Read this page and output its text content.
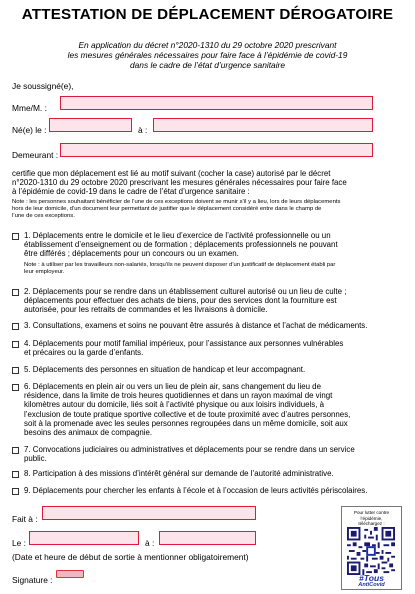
ATTESTATION DE DÉPLACEMENT DÉROGATOIRE
En application du décret n°2020-1310 du 29 octobre 2020 prescrivant
les mesures générales nécessaires pour faire face à l’épidémie de covid-19
dans le cadre de l’état d’urgence sanitaire
Je soussigné(e),
Mme/M. :
Né(e) le :	à :
Demeurant :
certifie que mon déplacement est lié au motif suivant (cocher la case) autorisé par le décret
n°2020-1310 du 29 octobre 2020 prescrivant les mesures générales nécessaires pour faire face
à l’épidémie de covid-19 dans le cadre de l’état d’urgence sanitaire :
Note : les personnes souhaitant bénéficier de l’une de ces exceptions doivent se munir s’il y a lieu, lors de leurs déplacements
hors de leur domicile, d’un document leur permettant de justifier que le déplacement considéré entre dans le champ de
l’une de ces exceptions.
1. Déplacements entre le domicile et le lieu d’exercice de l’activité professionnelle ou un
établissement d’enseignement ou de formation ; déplacements professionnels ne pouvant
être différés ; déplacements pour un concours ou un examen.
Note : à utiliser par les travailleurs non-salariés, lorsqu’ils ne peuvent disposer d’un justificatif de déplacement établi par
leur employeur.
2. Déplacements pour se rendre dans un établissement culturel autorisé ou un lieu de culte ;
déplacements pour effectuer des achats de biens, pour des services dont la fourniture est
autorisée, pour les retraits de commandes et les livraisons à domicile.
3. Consultations, examens et soins ne pouvant être assurés à distance et l’achat de médicaments.
4. Déplacements pour motif familial impérieux, pour l’assistance aux personnes vulnérables
et précaires ou la garde d’enfants.
5. Déplacements des personnes en situation de handicap et leur accompagnant.
6. Déplacements en plein air ou vers un lieu de plein air, sans changement du lieu de
résidence, dans la limite de trois heures quotidiennes et dans un rayon maximal de vingt
kilomètres autour du domicile, liés soit à l’activité physique ou aux loisirs individuels, à
l’exclusion de toute pratique sportive collective et de toute proximité avec d’autres personnes,
soit à la promenade avec les seules personnes regroupées dans un même domicile, soit aux
besoins des animaux de compagnie.
7. Convocations judiciaires ou administratives et déplacements pour se rendre dans un service
public.
8. Participation à des missions d’intérêt général sur demande de l’autorité administrative.
9. Déplacements pour chercher les enfants à l’école et à l’occasion de leurs activités périscolaires.
Fait à :
Le :	à :
(Date et heure de début de sortie à mentionner obligatoirement)
Signature :
Pour lutter contre
l’épidémie,
téléchargez :
#Tous
AntiCovid
